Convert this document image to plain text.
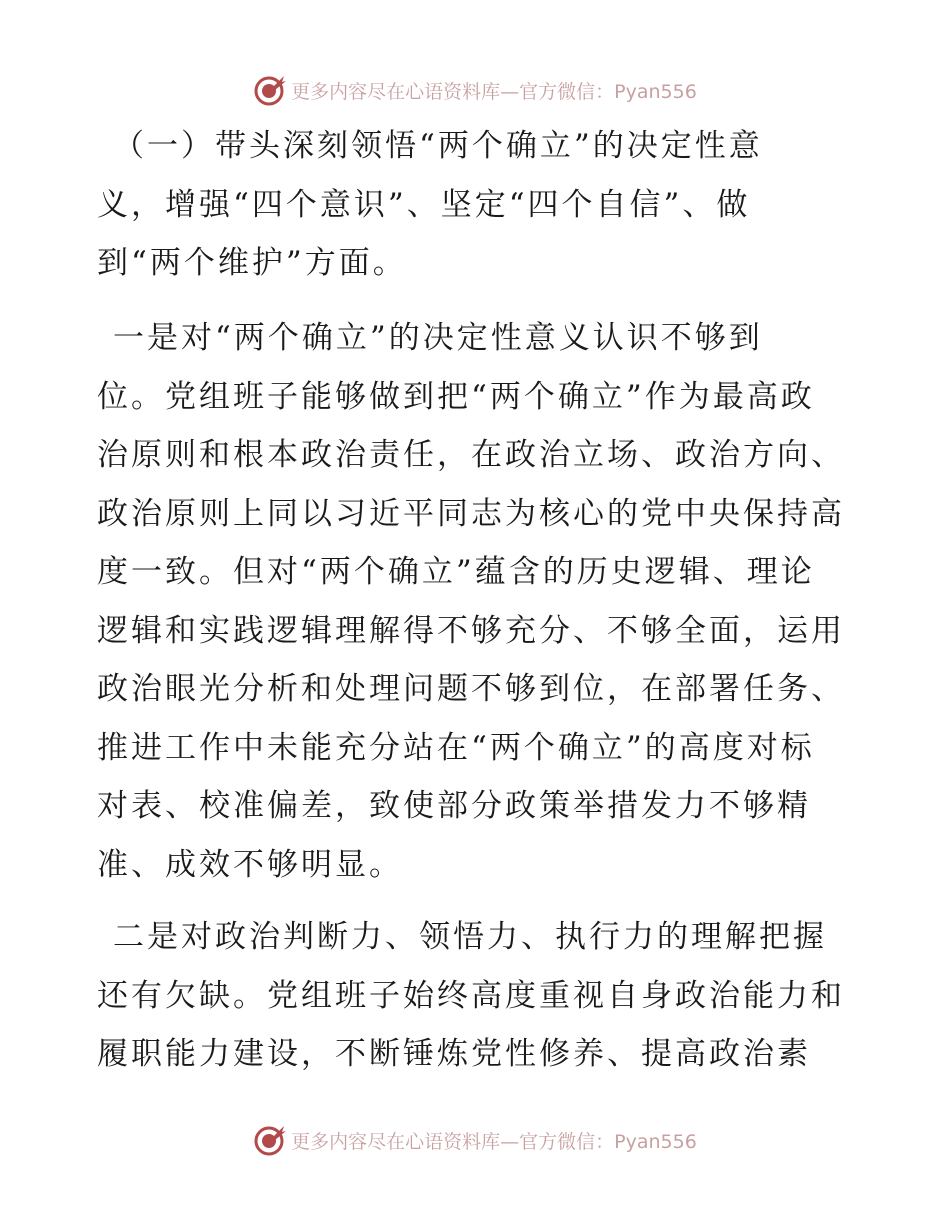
更多内容尽在心语资料库—官方微信：Pyan556
（一）带头深刻领悟“两个确立”的决定性意
义，增强“四个意识”、坚定“四个自信”、做
到“两个维护”方面。
一是对“两个确立”的决定性意义认识不够到
位。党组班子能够做到把“两个确立”作为最高政
治原则和根本政治责任，在政治立场、政治方向、
政治原则上同以习近平同志为核心的党中央保持高
度一致。但对“两个确立”蕴含的历史逻辑、理论
逻辑和实践逻辑理解得不够充分、不够全面，运用
政治眼光分析和处理问题不够到位，在部署任务、
推进工作中未能充分站在“两个确立”的高度对标
对表、校准偏差，致使部分政策举措发力不够精
准、成效不够明显。
二是对政治判断力、领悟力、执行力的理解把握
还有欠缺。党组班子始终高度重视自身政治能力和
履职能力建设，不断锤炼党性修养、提高政治素
更多内容尽在心语资料库—官方微信：Pyan556
